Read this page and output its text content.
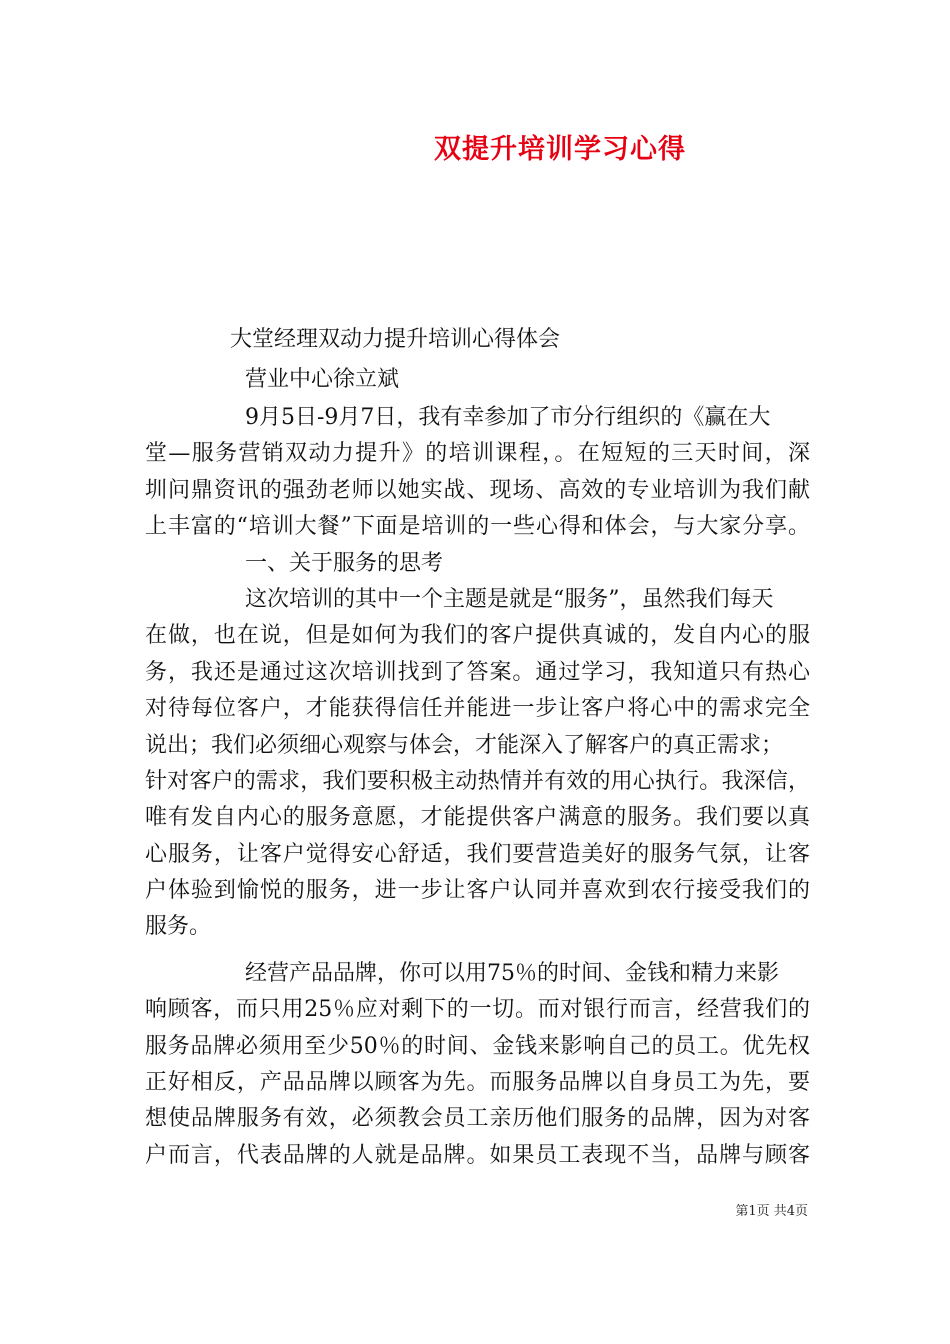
双提升培训学习心得
大堂经理双动力提升培训心得体会
营业中心徐立斌
9月5日-9月7日，我有幸参加了市分行组织的《赢在大
堂—服务营销双动力提升》的培训课程，。在短短的三天时间，深
圳问鼎资讯的强劲老师以她实战、现场、高效的专业培训为我们献
上丰富的“培训大餐”下面是培训的一些心得和体会，与大家分享。
一、关于服务的思考
这次培训的其中一个主题是就是“服务”，虽然我们每天
在做，也在说，但是如何为我们的客户提供真诚的，发自内心的服
务，我还是通过这次培训找到了答案。通过学习，我知道只有热心
对待每位客户，才能获得信任并能进一步让客户将心中的需求完全
说出；我们必须细心观察与体会，才能深入了解客户的真正需求；
针对客户的需求，我们要积极主动热情并有效的用心执行。我深信，
唯有发自内心的服务意愿，才能提供客户满意的服务。我们要以真
心服务，让客户觉得安心舒适，我们要营造美好的服务气氛，让客
户体验到愉悦的服务，进一步让客户认同并喜欢到农行接受我们的
服务。
经营产品品牌，你可以用75％的时间、金钱和精力来影
响顾客，而只用25％应对剩下的一切。而对银行而言，经营我们的
服务品牌必须用至少50％的时间、金钱来影响自己的员工。优先权
正好相反，产品品牌以顾客为先。而服务品牌以自身员工为先，要
想使品牌服务有效，必须教会员工亲历他们服务的品牌，因为对客
户而言，代表品牌的人就是品牌。如果员工表现不当，品牌与顾客
第1页 共4页
